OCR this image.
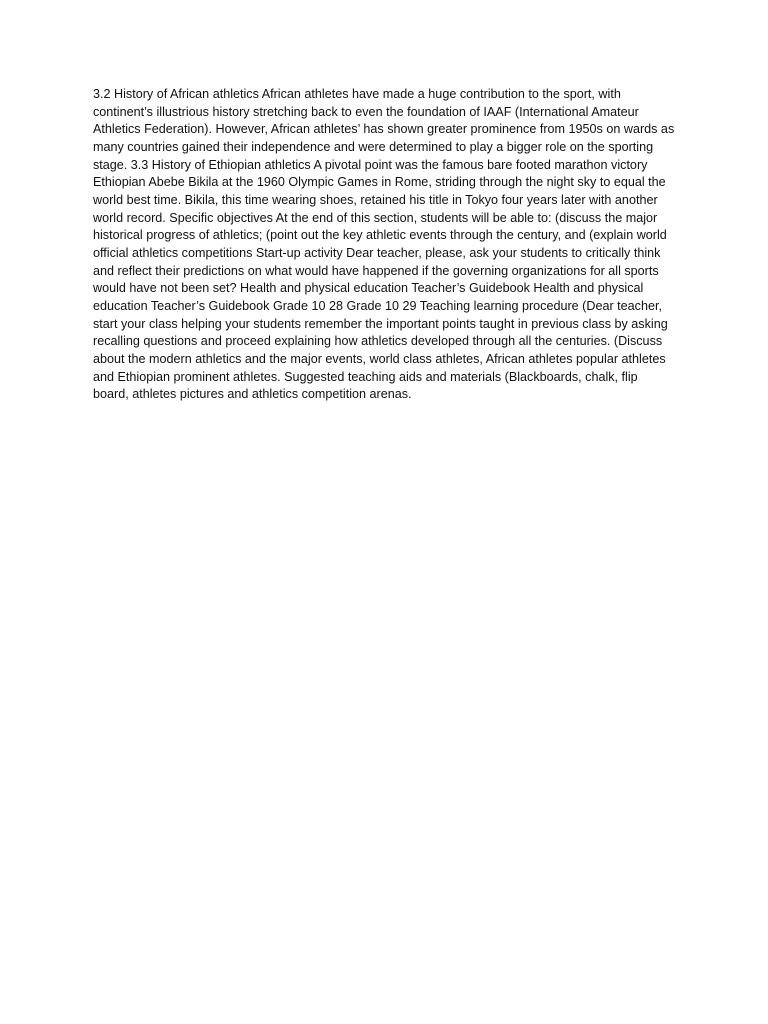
3.2 History of African athletics African athletes have made a huge contribution to the sport, with continent’s illustrious history stretching back to even the foundation of IAAF (International Amateur Athletics Federation). However, African athletes’ has shown greater prominence from 1950s on wards as many countries gained their independence and were determined to play a bigger role on the sporting stage. 3.3 History of Ethiopian athletics A pivotal point was the famous bare footed marathon victory Ethiopian Abebe Bikila at the 1960 Olympic Games in Rome, striding through the night sky to equal the world best time. Bikila, this time wearing shoes, retained his title in Tokyo four years later with another world record. Specific objectives At the end of this section, students will be able to: (discuss the major historical progress of athletics; (point out the key athletic events through the century, and (explain world official athletics competitions Start-up activity Dear teacher, please, ask your students to critically think and reflect their predictions on what would have happened if the governing organizations for all sports would have not been set? Health and physical education Teacher’s Guidebook Health and physical education Teacher’s Guidebook Grade 10 28 Grade 10 29 Teaching learning procedure (Dear teacher, start your class helping your students remember the important points taught in previous class by asking recalling questions and proceed explaining how athletics developed through all the centuries. (Discuss about the modern athletics and the major events, world class athletes, African athletes popular athletes and Ethiopian prominent athletes. Suggested teaching aids and materials (Blackboards, chalk, flip board, athletes pictures and athletics competition arenas.
